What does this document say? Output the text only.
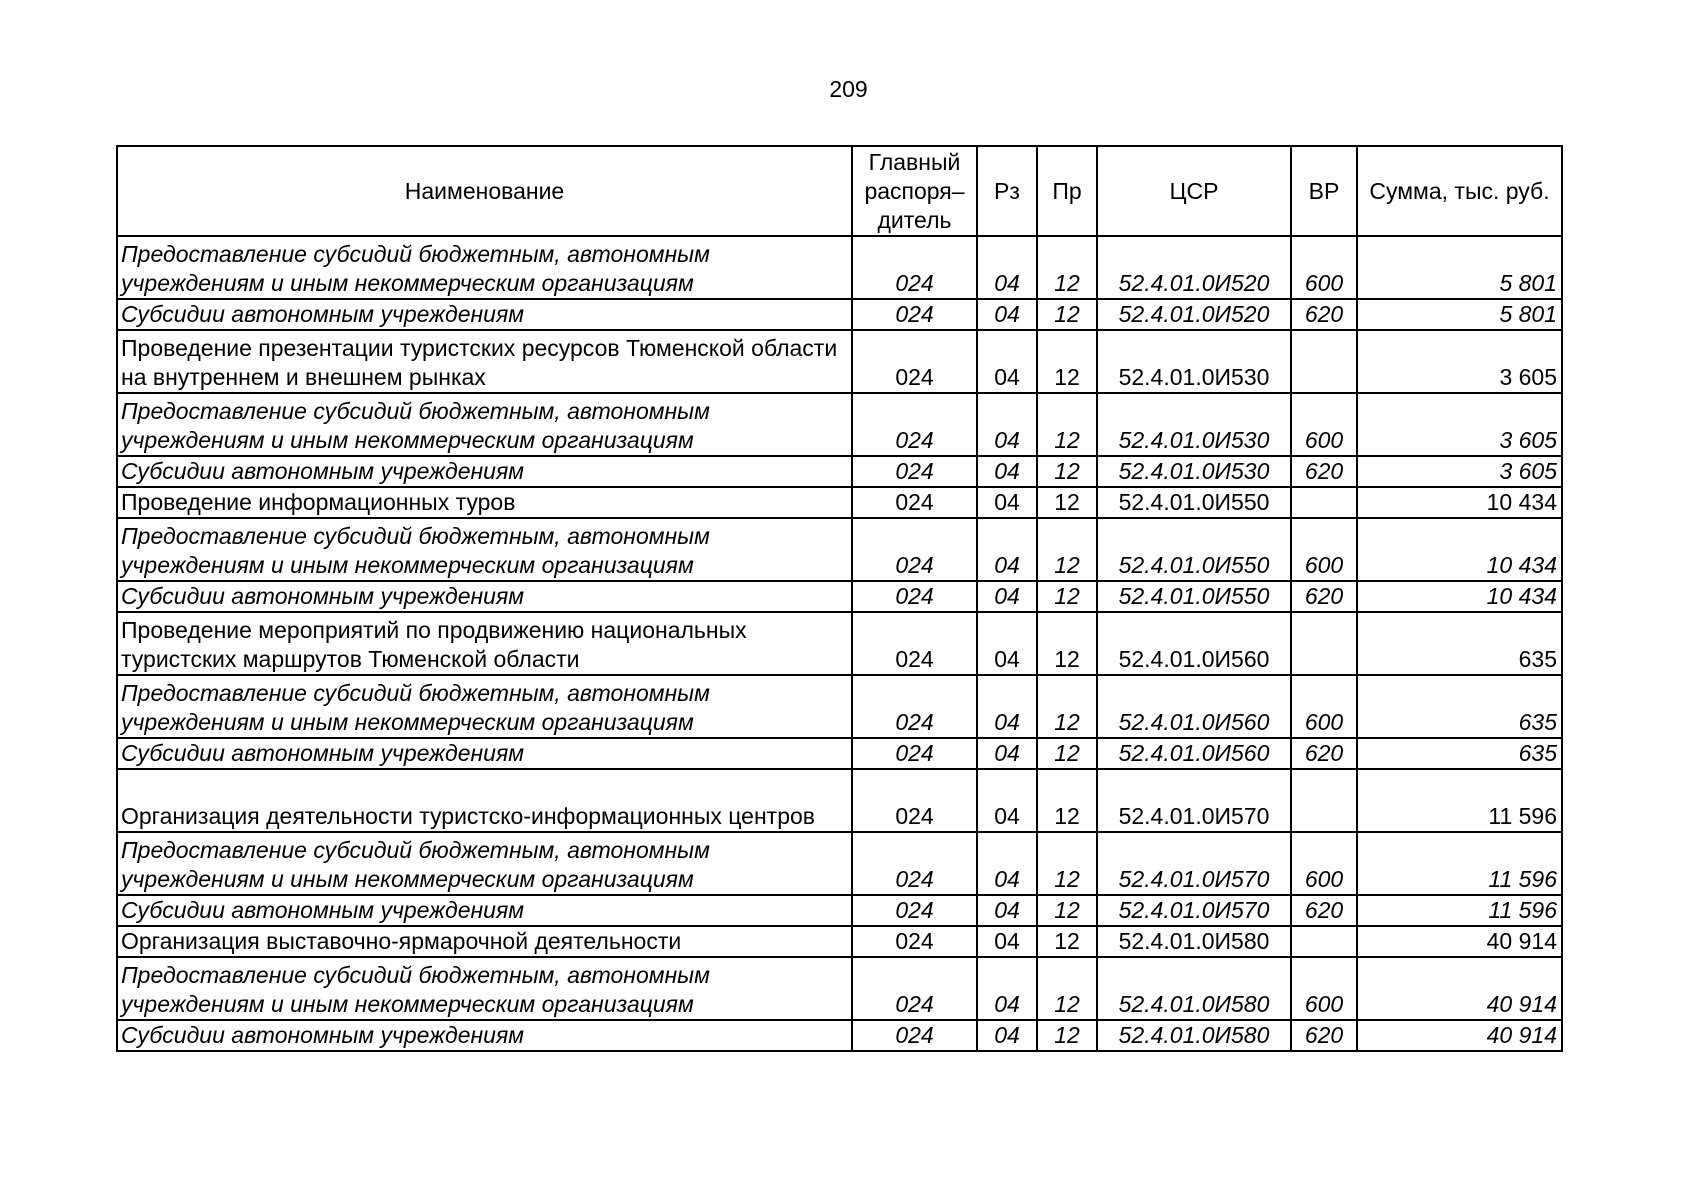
209
Наименование	Главный распоря–дитель	Рз	Пр	ЦСР	ВР	Сумма, тыс. руб.
Предоставление субсидий бюджетным, автономным учреждениям и иным некоммерческим организациям	024	04	12	52.4.01.0И520	600	5 801
Субсидии автономным учреждениям	024	04	12	52.4.01.0И520	620	5 801
Проведение презентации туристских ресурсов Тюменской области на внутреннем и внешнем рынках	024	04	12	52.4.01.0И530		3 605
Предоставление субсидий бюджетным, автономным учреждениям и иным некоммерческим организациям	024	04	12	52.4.01.0И530	600	3 605
Субсидии автономным учреждениям	024	04	12	52.4.01.0И530	620	3 605
Проведение информационных туров	024	04	12	52.4.01.0И550		10 434
Предоставление субсидий бюджетным, автономным учреждениям и иным некоммерческим организациям	024	04	12	52.4.01.0И550	600	10 434
Субсидии автономным учреждениям	024	04	12	52.4.01.0И550	620	10 434
Проведение мероприятий по продвижению национальных туристских маршрутов Тюменской области	024	04	12	52.4.01.0И560		635
Предоставление субсидий бюджетным, автономным учреждениям и иным некоммерческим организациям	024	04	12	52.4.01.0И560	600	635
Субсидии автономным учреждениям	024	04	12	52.4.01.0И560	620	635
Организация деятельности туристско-информационных центров	024	04	12	52.4.01.0И570		11 596
Предоставление субсидий бюджетным, автономным учреждениям и иным некоммерческим организациям	024	04	12	52.4.01.0И570	600	11 596
Субсидии автономным учреждениям	024	04	12	52.4.01.0И570	620	11 596
Организация выставочно-ярмарочной деятельности	024	04	12	52.4.01.0И580		40 914
Предоставление субсидий бюджетным, автономным учреждениям и иным некоммерческим организациям	024	04	12	52.4.01.0И580	600	40 914
Субсидии автономным учреждениям	024	04	12	52.4.01.0И580	620	40 914
